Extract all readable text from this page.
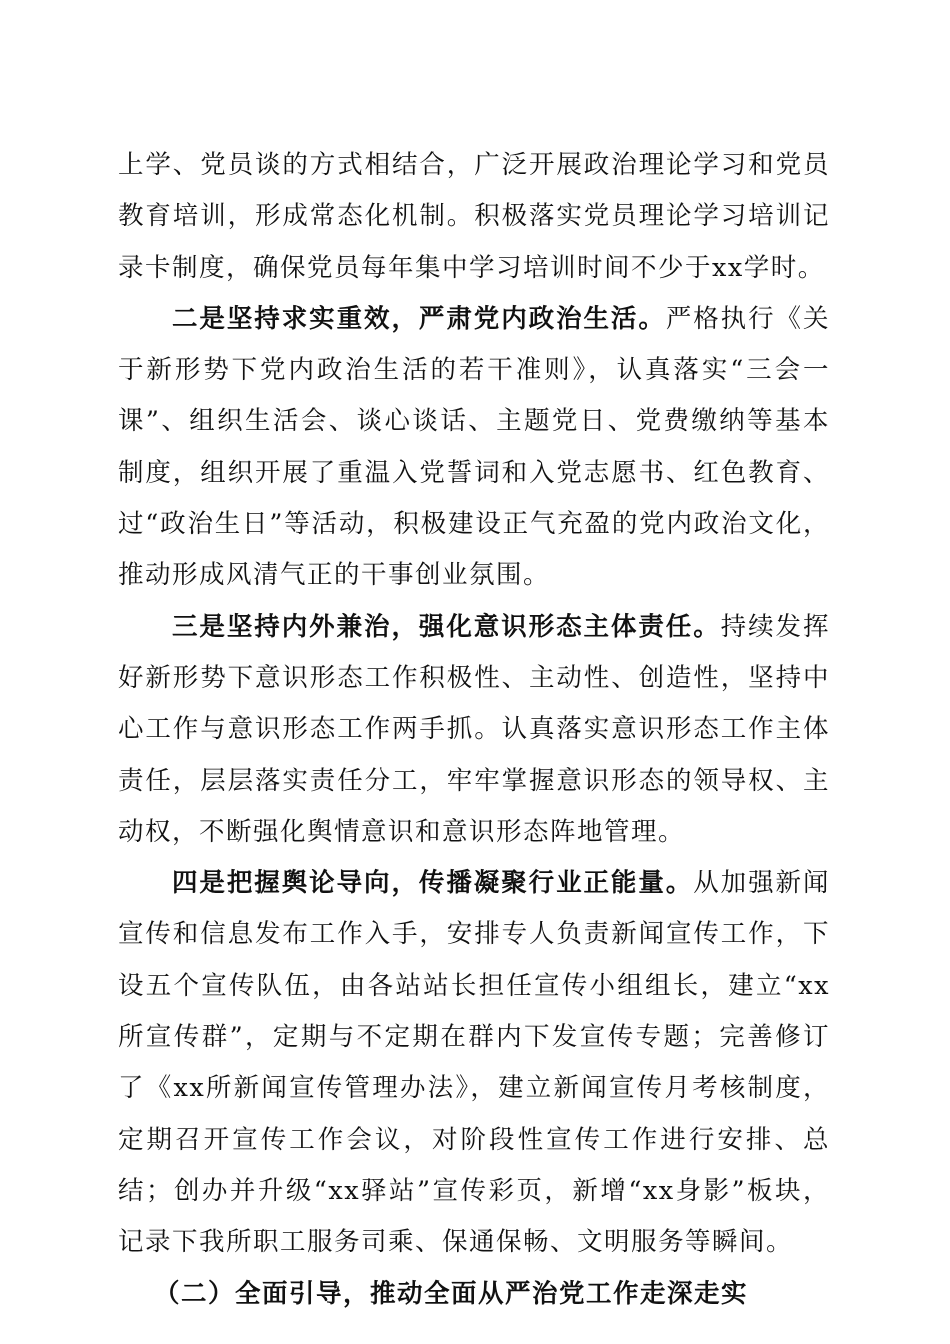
上学、党员谈的方式相结合，广泛开展政治理论学习和党员教育培训，形成常态化机制。积极落实党员理论学习培训记录卡制度，确保党员每年集中学习培训时间不少于xx学时。

二是坚持求实重效，严肃党内政治生活。严格执行《关于新形势下党内政治生活的若干准则》，认真落实“三会一课”、组织生活会、谈心谈话、主题党日、党费缴纳等基本制度，组织开展了重温入党誓词和入党志愿书、红色教育、过“政治生日”等活动，积极建设正气充盈的党内政治文化，推动形成风清气正的干事创业氛围。

三是坚持内外兼治，强化意识形态主体责任。持续发挥好新形势下意识形态工作积极性、主动性、创造性，坚持中心工作与意识形态工作两手抓。认真落实意识形态工作主体责任，层层落实责任分工，牢牢掌握意识形态的领导权、主动权，不断强化舆情意识和意识形态阵地管理。

四是把握舆论导向，传播凝聚行业正能量。从加强新闻宣传和信息发布工作入手，安排专人负责新闻宣传工作，下设五个宣传队伍，由各站站长担任宣传小组组长，建立“xx所宣传群”，定期与不定期在群内下发宣传专题；完善修订了《xx所新闻宣传管理办法》，建立新闻宣传月考核制度，定期召开宣传工作会议，对阶段性宣传工作进行安排、总结；创办并升级“xx驿站”宣传彩页，新增“xx身影”板块，记录下我所职工服务司乘、保通保畅、文明服务等瞬间。

（二）全面引导，推动全面从严治党工作走深走实
